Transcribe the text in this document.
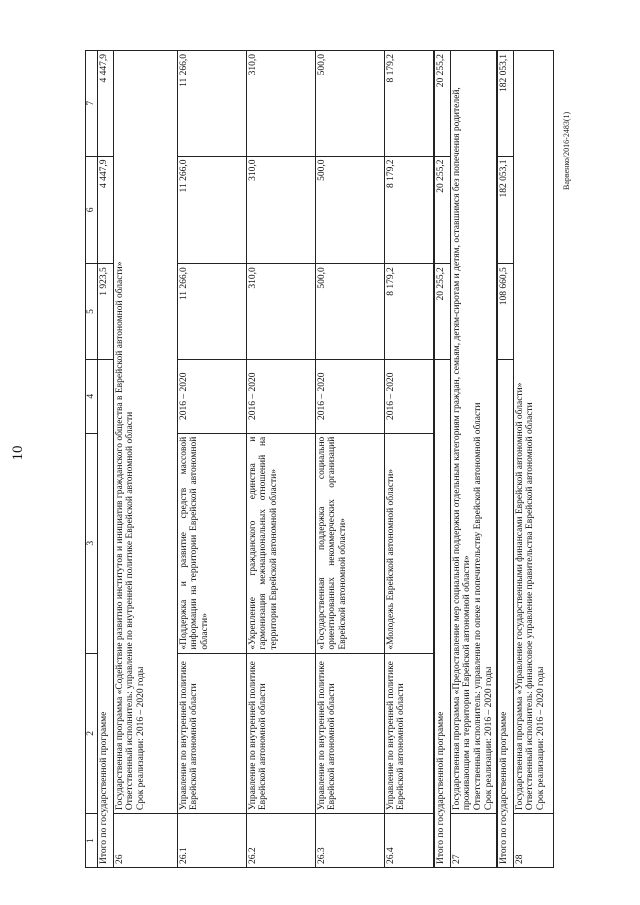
10
Варвенко/2016-2483(1)
1	2	3	4	5	6	7
Итого по государственной программе				1 923,5	4 447,9	4 447,9
26	Государственная программа «Содействие развитию институтов и инициатив гражданского общества в Еврейской автономной области»
Ответственный исполнитель: управление по внутренней политике Еврейской автономной области
Срок реализации: 2016 – 2020 годы					
26.1	Управление по внутренней политике Еврейской автономной области	«Поддержка и развитие средств массовой информации на территории Еврейской автономной области»	2016 – 2020	11 266,0	11 266,0	11 266,0
26.2	Управление по внутренней политике Еврейской автономной области	«Укрепление гражданского единства и гармонизация межнациональных отношений на территории Еврейской автономной области»	2016 – 2020	310,0	310,0	310,0
26.3	Управление по внутренней политике Еврейской автономной области	«Государственная поддержка социально ориентированных некоммерческих организаций Еврейской автономной области»	2016 – 2020	500,0	500,0	500,0
26.4	Управление по внутренней политике Еврейской автономной области	«Молодежь Еврейской автономной области»	2016 – 2020	8 179,2	8 179,2	8 179,2
Итого по государственной программе				20 255,2	20 255,2	20 255,2
27	Государственная программа «Предоставление мер социальной поддержки отдельным категориям граждан, семьям, детям-сиротам и детям, оставшимся без попечения родителей, проживающим на территории Еврейской автономной области»
Ответственный исполнитель: управление по опеке и попечительству Еврейской автономной области
Срок реализации: 2016 – 2020 годы					
Итого по государственной программе				108 660,5	182 053,1	182 053,1
28	Государственная программа «Управление государственными финансами Еврейской автономной области»
Ответственный исполнитель: финансовое управление правительства Еврейской автономной области
Срок реализации: 2016 – 2020 годы					
